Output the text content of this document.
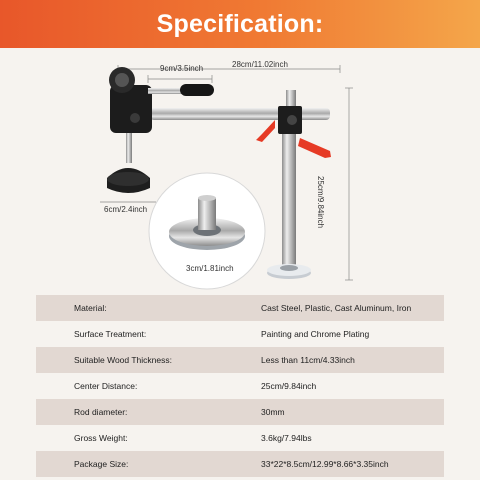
Specification:
9cm/3.5inch	28cm/11.02inch
25cm/9.84inch
6cm/2.4inch
3cm/1.81inch
Material:	Cast Steel, Plastic, Cast Aluminum, Iron
Surface Treatment:	Painting and Chrome Plating
Suitable Wood Thickness:	Less than 11cm/4.33inch
Center Distance:	25cm/9.84inch
Rod diameter:	30mm
Gross Weight:	3.6kg/7.94lbs
Package Size:	33*22*8.5cm/12.99*8.66*3.35inch
